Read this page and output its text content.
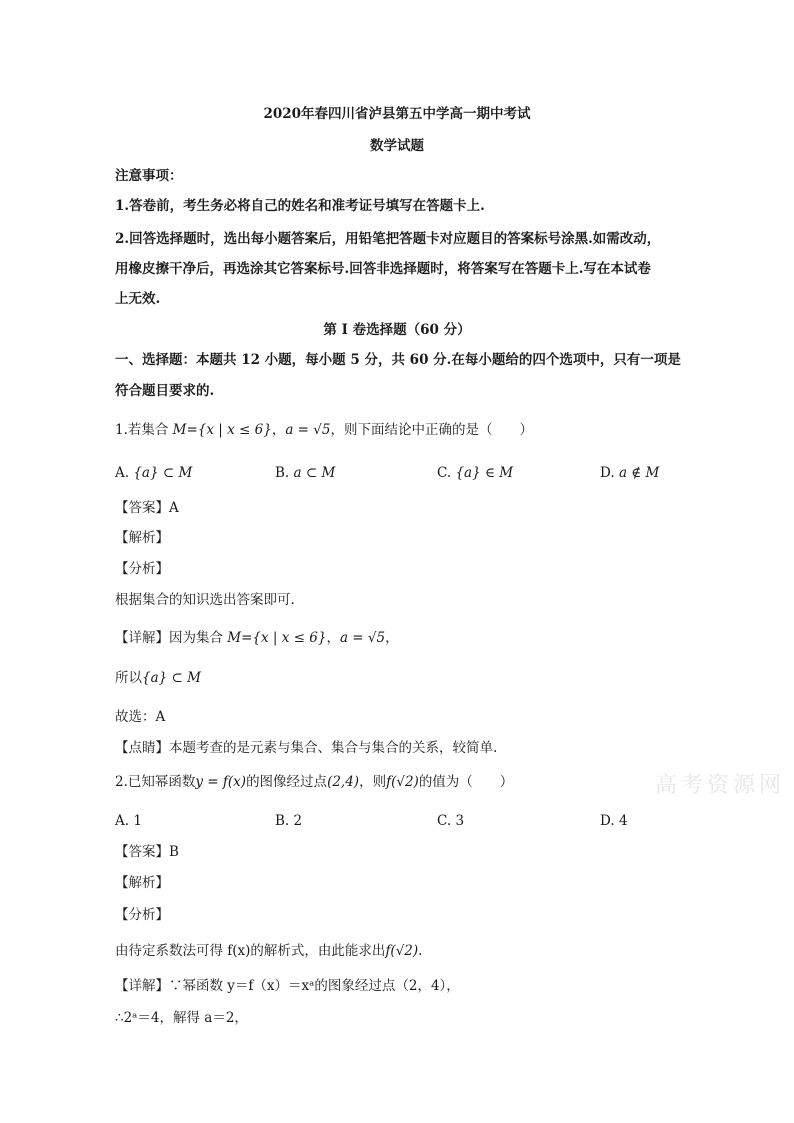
2020年春四川省泸县第五中学高一期中考试
数学试题
注意事项：
1.答卷前，考生务必将自己的姓名和准考证号填写在答题卡上.
2.回答选择题时，选出每小题答案后，用铅笔把答题卡对应题目的答案标号涂黑.如需改动，
用橡皮擦干净后，再选涂其它答案标号.回答非选择题时，将答案写在答题卡上.写在本试卷
上无效.
第 I 卷选择题（60 分）
一、选择题：本题共 12 小题，每小题 5 分，共 60 分.在每小题给的四个选项中，只有一项是
符合题目要求的.
1.若集合 M={x | x ≤ 6}，a = √5，则下面结论中正确的是（　　）
A. {a} ⊂ M	B. a ⊂ M	C. {a} ∈ M	D. a ∉ M
【答案】A
【解析】
【分析】
根据集合的知识选出答案即可.
【详解】因为集合 M={x | x ≤ 6}，a = √5，
所以{a} ⊂ M
故选：A
【点睛】本题考查的是元素与集合、集合与集合的关系，较简单.
2.已知幂函数y = f(x)的图像经过点(2,4)，则f(√2)的值为（　　）	高考资源网
A. 1	B. 2	C. 3	D. 4
【答案】B
【解析】
【分析】
由待定系数法可得 f(x)的解析式，由此能求出f(√2).
【详解】∵幂函数 y＝f（x）＝xᵃ的图象经过点（2，4），
∴2ᵃ＝4，解得 a＝2，
